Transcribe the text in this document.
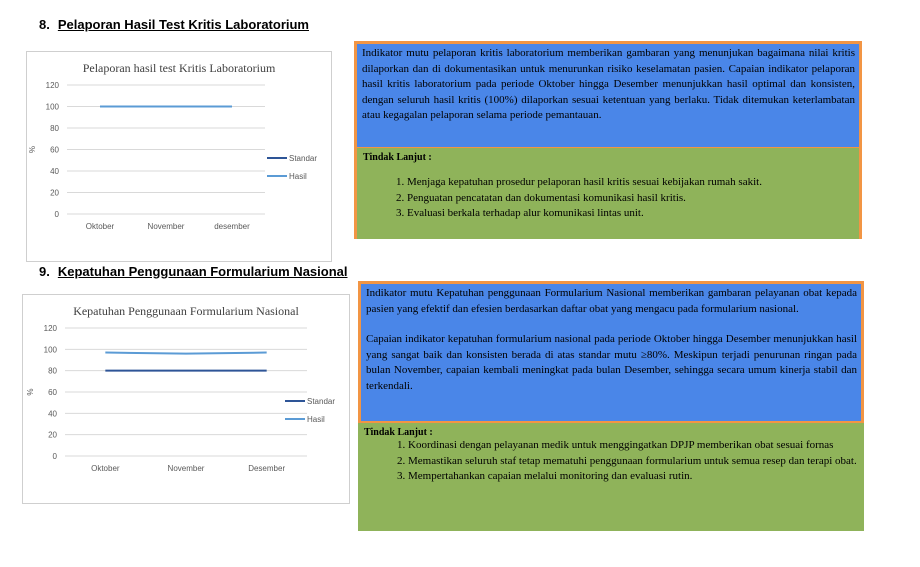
8. Pelaporan Hasil Test Kritis Laboratorium
Pelaporan hasil test Kritis Laboratorium
0
20
40
60
80
100
120
%
Oktober	November	desember
Standar
Hasil

Indikator mutu pelaporan kritis laboratorium memberikan gambaran yang menunjukan bagaimana nilai kritis dilaporkan dan di dokumentasikan untuk menurunkan risiko keselamatan pasien. Capaian indikator pelaporan hasil kritis laboratorium pada periode Oktober hingga Desember menunjukkan hasil optimal dan konsisten, dengan seluruh hasil kritis (100%) dilaporkan sesuai ketentuan yang berlaku. Tidak ditemukan keterlambatan atau kegagalan pelaporan selama periode pemantauan.

Tindak Lanjut :
1. Menjaga kepatuhan prosedur pelaporan hasil kritis sesuai kebijakan rumah sakit.
2. Penguatan pencatatan dan dokumentasi komunikasi hasil kritis.
3. Evaluasi berkala terhadap alur komunikasi lintas unit.
9. Kepatuhan Penggunaan Formularium Nasional
Kepatuhan Penggunaan Formularium Nasional
0
20
40
60
80
100
120
%
Oktober	November	Desember
Standar
Hasil

Indikator mutu Kepatuhan penggunaan Formularium Nasional memberikan gambaran pelayanan obat kepada pasien yang efektif dan efesien berdasarkan daftar obat yang mengacu pada formularium nasional.

Capaian indikator kepatuhan formularium nasional pada periode Oktober hingga Desember menunjukkan hasil yang sangat baik dan konsisten berada di atas standar mutu ≥80%. Meskipun terjadi penurunan ringan pada bulan November, capaian kembali meningkat pada bulan Desember, sehingga secara umum kinerja stabil dan terkendali.

Tindak Lanjut :
1. Koordinasi dengan pelayanan medik untuk menggingatkan DPJP memberikan obat sesuai fornas
2. Memastikan seluruh staf tetap mematuhi penggunaan formularium untuk semua resep dan terapi obat.
3. Mempertahankan capaian melalui monitoring dan evaluasi rutin.
